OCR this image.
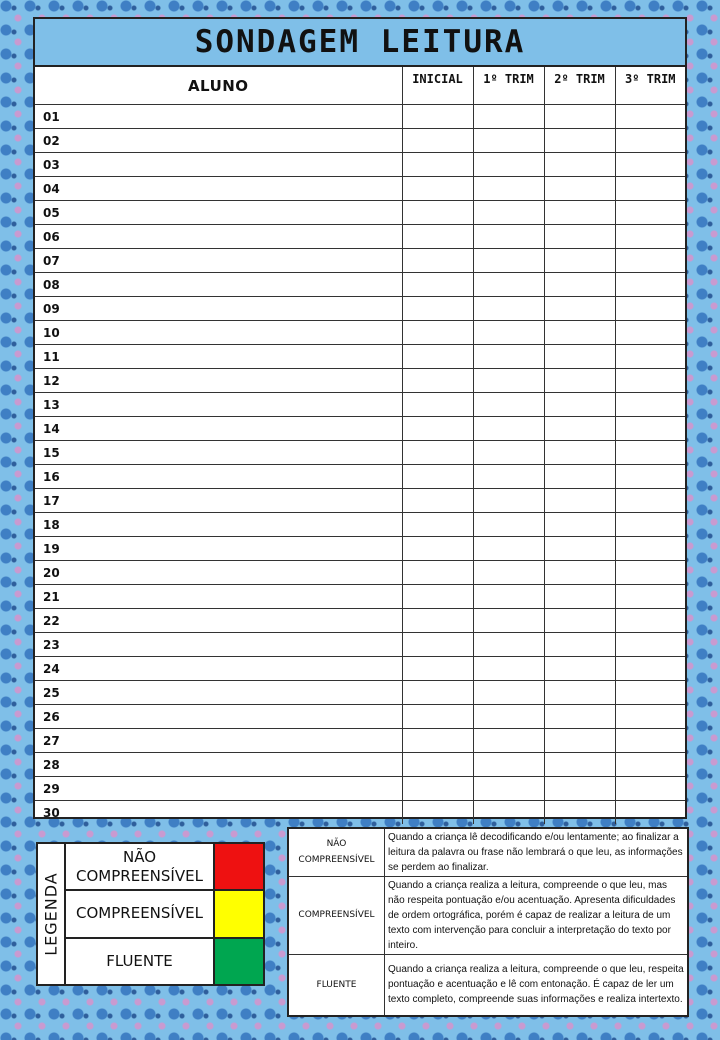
SONDAGEM LEITURA
ALUNO	INICIAL	1º TRIM	2º TRIM	3º TRIM
01				
02				
03				
04				
05				
06				
07				
08				
09				
10				
11				
12				
13				
14				
15				
16				
17				
18				
19				
20				
21				
22				
23				
24				
25				
26				
27				
28				
29				
30				
LEGENDA
NÃO COMPREENSÍVEL
COMPREENSÍVEL
FLUENTE
NÃO COMPREENSÍVEL	Quando a criança lê decodificando e/ou lentamente; ao finalizar a leitura da palavra ou frase não lembrará o que leu, as informações se perdem ao finalizar.
COMPREENSÍVEL	Quando a criança realiza a leitura, compreende o que leu, mas não respeita pontuação e/ou acentuação. Apresenta dificuldades de ordem ortográfica, porém é capaz de realizar a leitura de um texto com intervenção para concluir a interpretação do texto por inteiro.
FLUENTE	Quando a criança realiza a leitura, compreende o que leu, respeita pontuação e acentuação e lê com entonação. É capaz de ler um texto completo, compreende suas informações e realiza intertexto.
